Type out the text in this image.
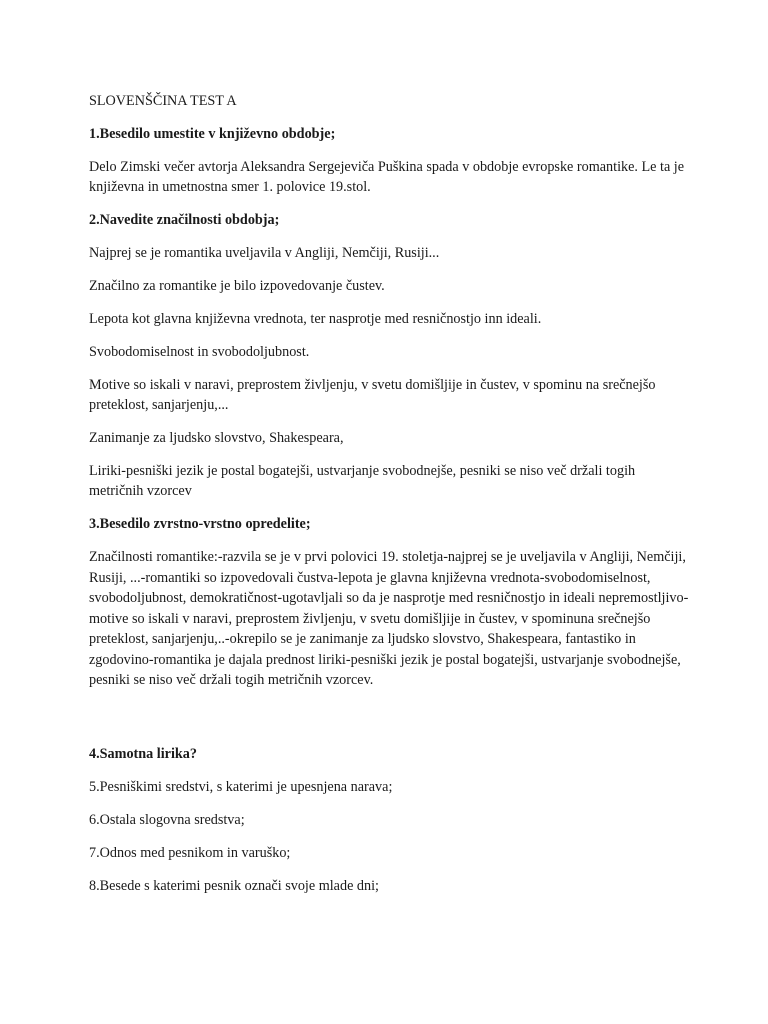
SLOVENŠČINA TEST A

1.Besedilo umestite v književno obdobje;

Delo Zimski večer avtorja Aleksandra Sergejeviča Puškina spada v obdobje evropske romantike. Le ta je književna in umetnostna smer 1. polovice 19.stol.

2.Navedite značilnosti obdobja;

Najprej se je romantika uveljavila v Angliji, Nemčiji, Rusiji...

Značilno za romantike je bilo izpovedovanje čustev.

Lepota kot glavna književna vrednota, ter nasprotje med resničnostjo inn ideali.

Svobodomiselnost in svobodoljubnost.

Motive so iskali v naravi, preprostem življenju, v svetu domišljije in čustev, v spominu na srečnejšo preteklost, sanjarjenju,...

Zanimanje za ljudsko slovstvo, Shakespeara,

Liriki-pesniški jezik je postal bogatejši, ustvarjanje svobodnejše, pesniki se niso več držali togih metričnih vzorcev

3.Besedilo zvrstno-vrstno opredelite;

Značilnosti romantike:-razvila se je v prvi polovici 19. stoletja-najprej se je uveljavila v Angliji, Nemčiji, Rusiji, ...-romantiki so izpovedovali čustva-lepota je glavna književna vrednota-svobodomiselnost, svobodoljubnost, demokratičnost-ugotavljali so da je nasprotje med resničnostjo in ideali nepremostljivo-motive so iskali v naravi, preprostem življenju, v svetu domišljije in čustev, v spominuna srečnejšo preteklost, sanjarjenju,..-okrepilo se je zanimanje za ljudsko slovstvo, Shakespeara, fantastiko in zgodovino-romantika je dajala prednost liriki-pesniški jezik je postal bogatejši, ustvarjanje svobodnejše, pesniki se niso več držali togih metričnih vzorcev.

4.Samotna lirika?

5.Pesniškimi sredstvi, s katerimi je upesnjena narava;

6.Ostala slogovna sredstva;

7.Odnos med pesnikom in varuško;

8.Besede s katerimi pesnik označi svoje mlade dni;
